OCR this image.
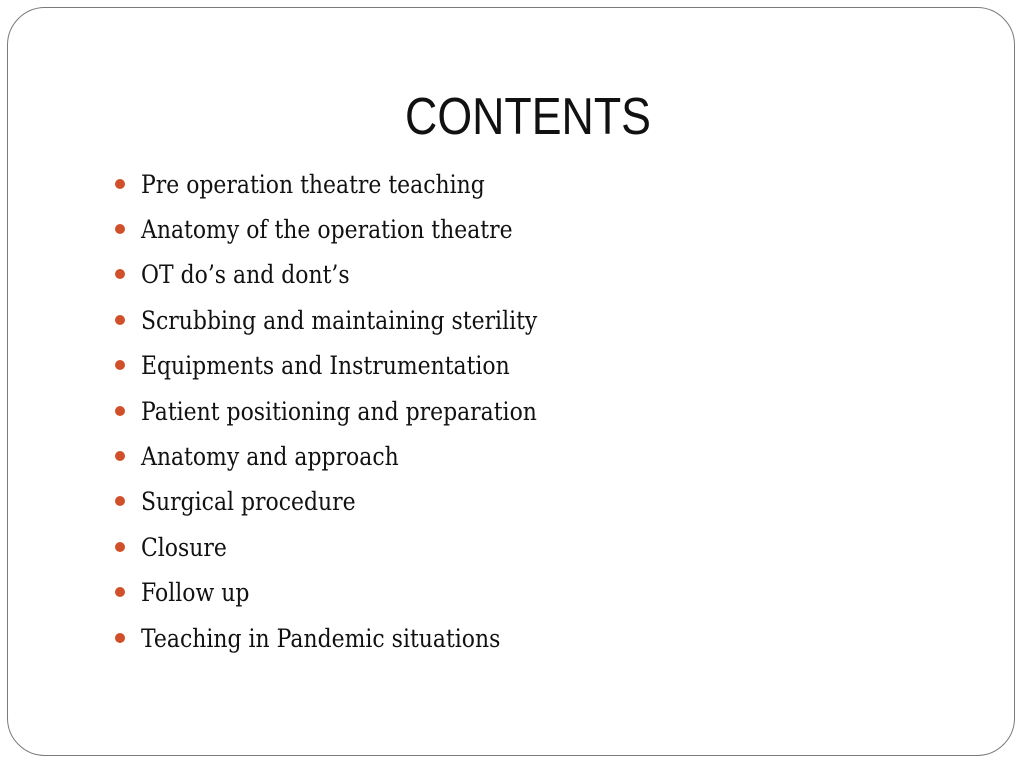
CONTENTS
Pre operation theatre teaching
Anatomy of the operation theatre
OT do’s and dont’s
Scrubbing and maintaining sterility
Equipments and Instrumentation
Patient positioning and preparation
Anatomy and approach
Surgical procedure
Closure
Follow up
Teaching in Pandemic situations
